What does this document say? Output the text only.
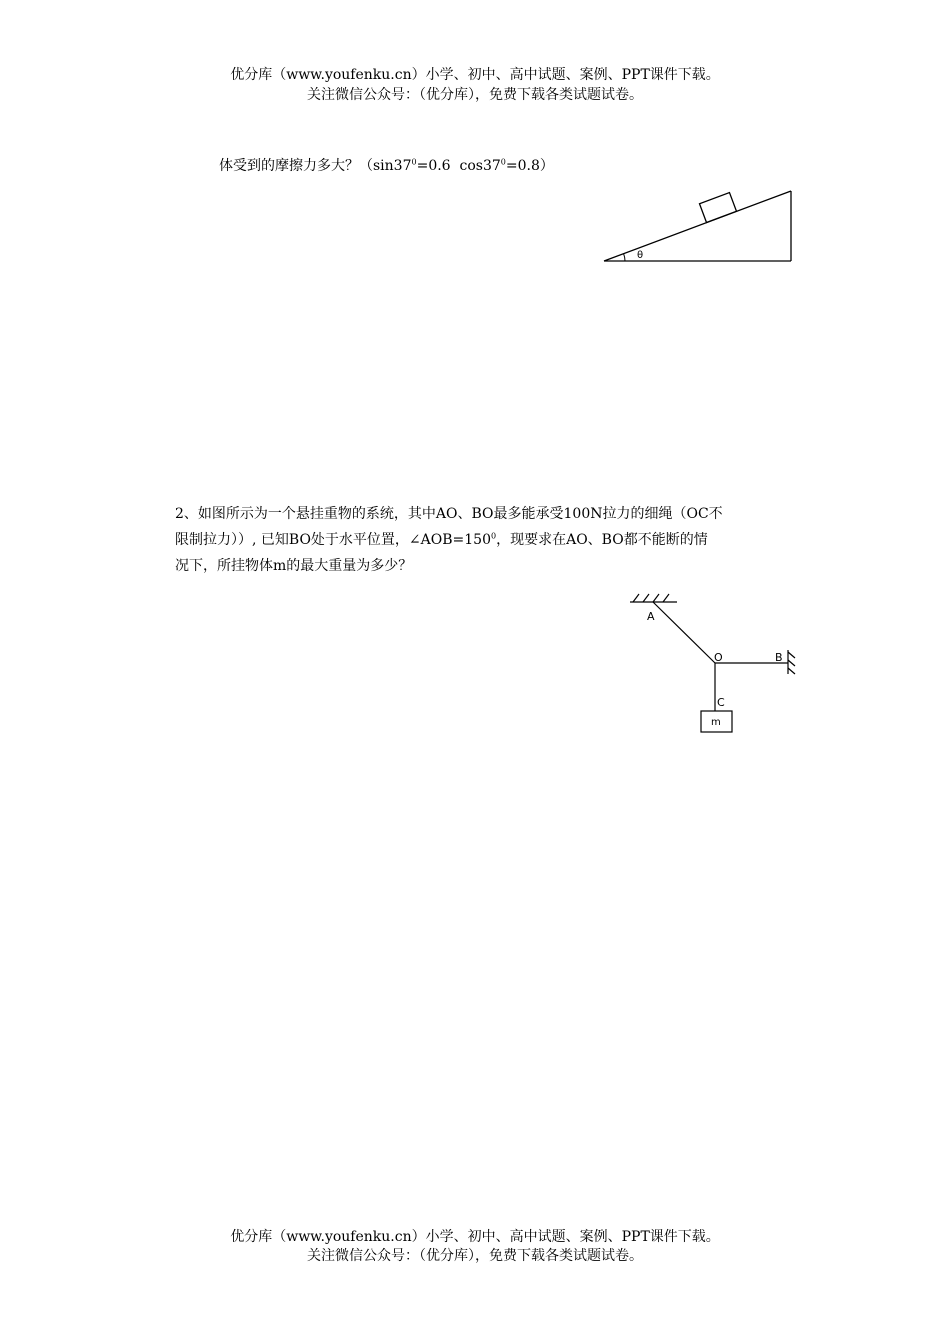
优分库（www.youfenku.cn）小学、初中、高中试题、案例、PPT课件下载。
关注微信公众号：（优分库），免费下载各类试题试卷。
体受到的摩擦力多大？（$\sin 37^0=0.6$  $\cos 37^0=0.8$）
θ

2、如图所示为一个悬挂重物的系统，其中AO、BO最多能承受100N拉力的细绳（OC不

限制拉力））, 已知BO处于水平位置，$\angle AOB=150^0$，现要求在AO、BO都不能断的情

况下，所挂物体m的最大重量为多少？

A
O	B
C
m
优分库（www.youfenku.cn）小学、初中、高中试题、案例、PPT课件下载。
关注微信公众号：（优分库），免费下载各类试题试卷。
